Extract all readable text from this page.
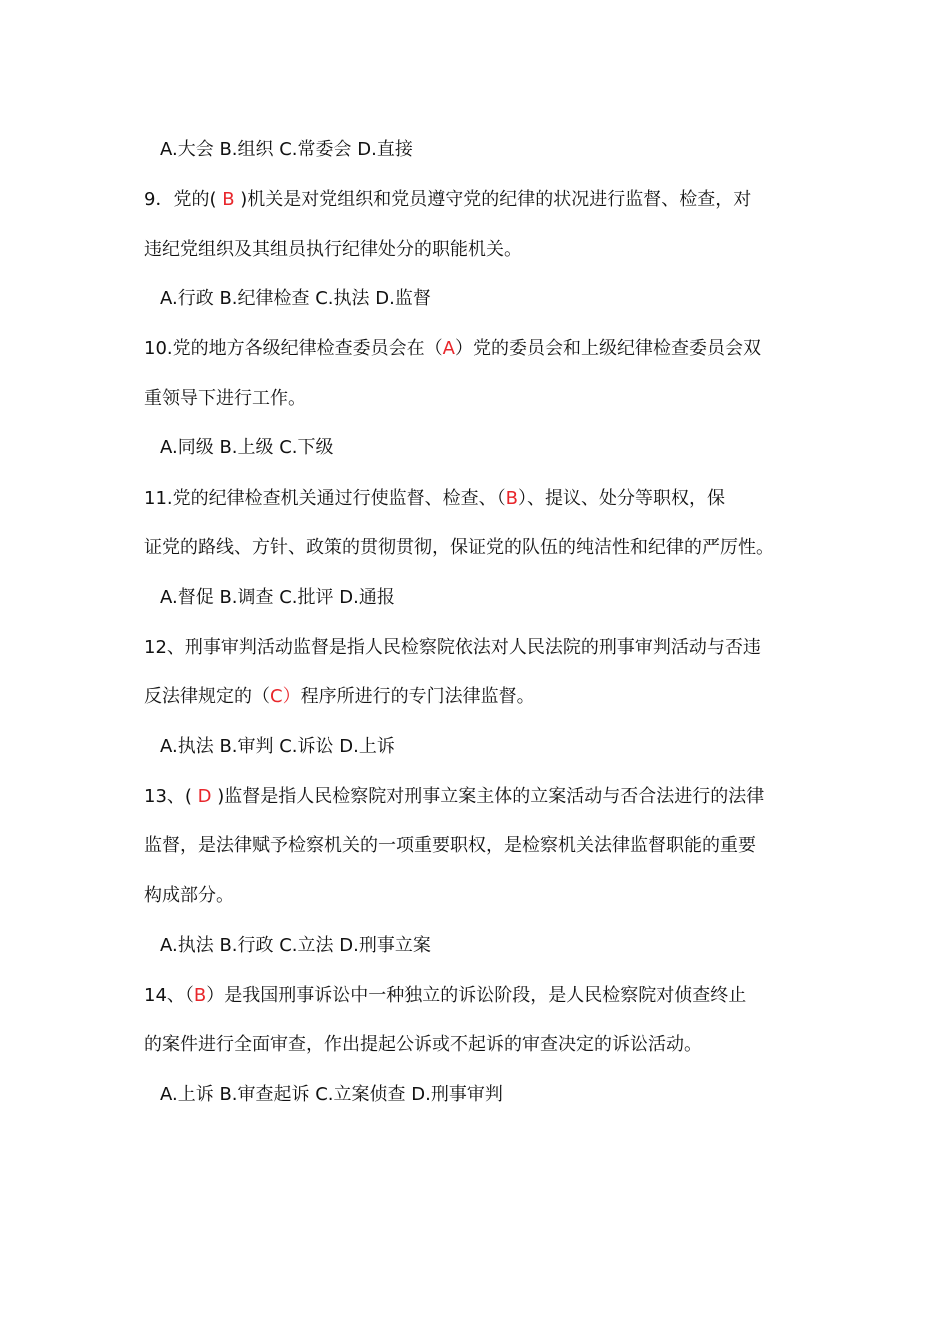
A.大会 B.组织 C.常委会 D.直接
9．党的( B )机关是对党组织和党员遵守党的纪律的状况进行监督、检查，对
违纪党组织及其组员执行纪律处分的职能机关。
A.行政 B.纪律检查 C.执法 D.监督
10.党的地方各级纪律检查委员会在（A）党的委员会和上级纪律检查委员会双
重领导下进行工作。
A.同级 B.上级 C.下级
11.党的纪律检查机关通过行使监督、检查、（B）、提议、处分等职权，保
证党的路线、方针、政策的贯彻贯彻，保证党的队伍的纯洁性和纪律的严厉性。
A.督促 B.调查 C.批评 D.通报
12、刑事审判活动监督是指人民检察院依法对人民法院的刑事审判活动与否违
反法律规定的（C）程序所进行的专门法律监督。
A.执法 B.审判 C.诉讼 D.上诉
13、( D )监督是指人民检察院对刑事立案主体的立案活动与否合法进行的法律
监督，是法律赋予检察机关的一项重要职权，是检察机关法律监督职能的重要
构成部分。
A.执法 B.行政 C.立法 D.刑事立案
14、（B）是我国刑事诉讼中一种独立的诉讼阶段，是人民检察院对侦查终止
的案件进行全面审查，作出提起公诉或不起诉的审查决定的诉讼活动。
A.上诉 B.审查起诉 C.立案侦查 D.刑事审判
